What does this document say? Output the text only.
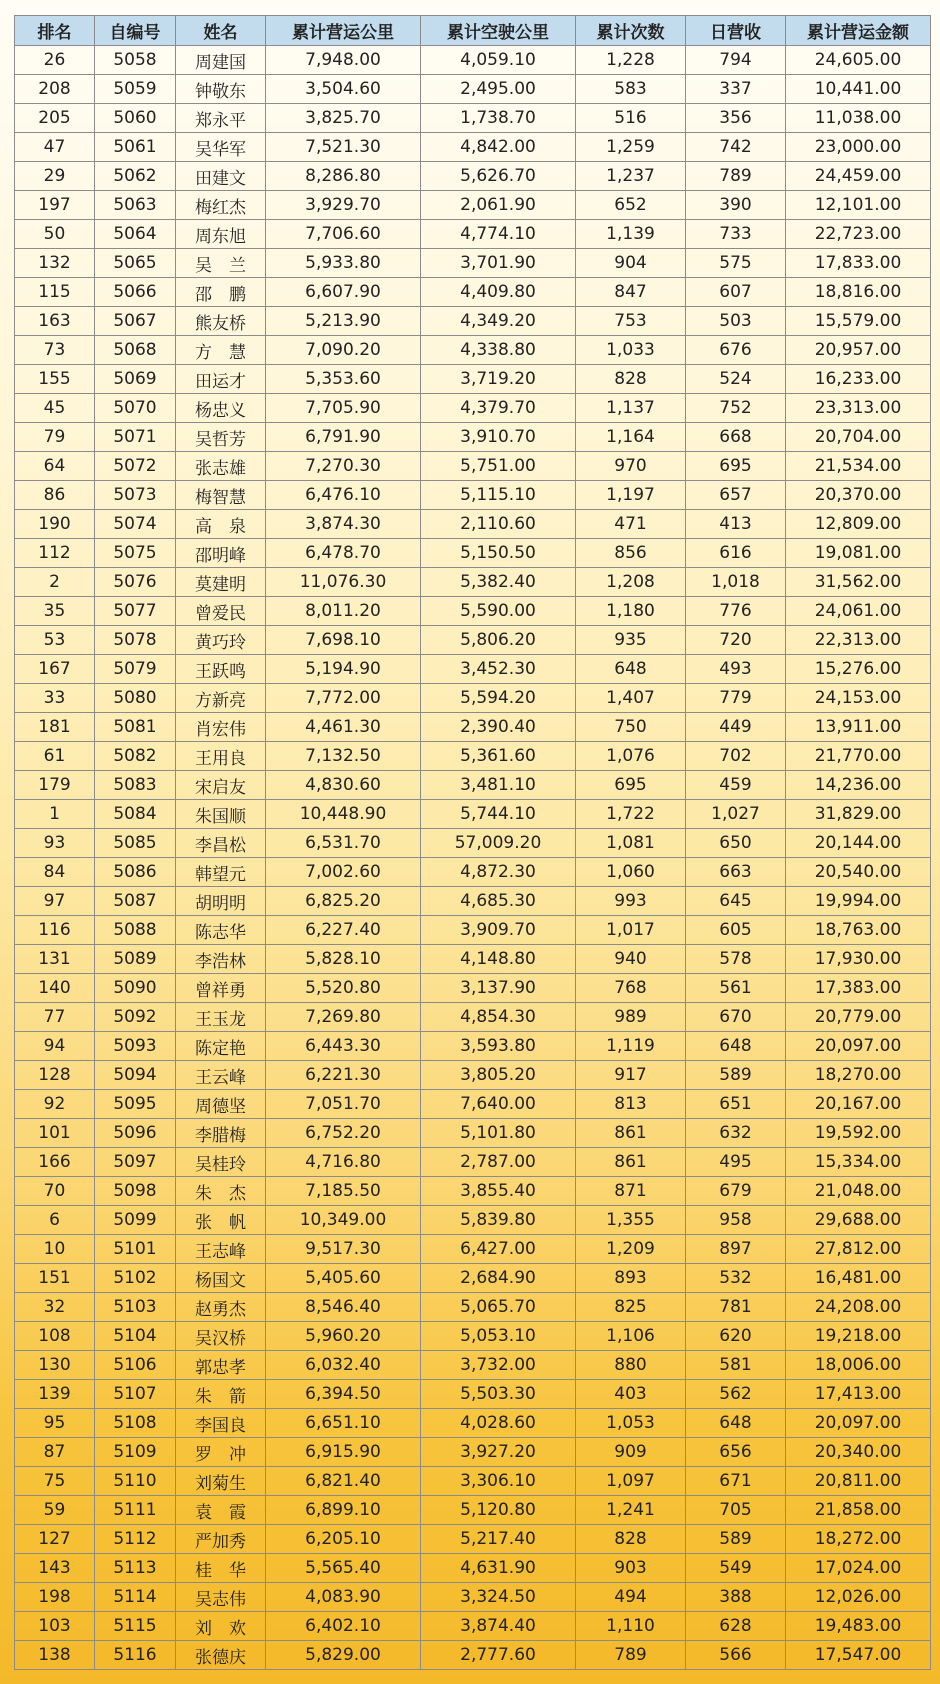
排名	自编号	姓名	累计营运公里	累计空驶公里	累计次数	日营收	累计营运金额
26	5058	周建国	7,948.00	4,059.10	1,228	794	24,605.00
208	5059	钟敬东	3,504.60	2,495.00	583	337	10,441.00
205	5060	郑永平	3,825.70	1,738.70	516	356	11,038.00
47	5061	吴华军	7,521.30	4,842.00	1,259	742	23,000.00
29	5062	田建文	8,286.80	5,626.70	1,237	789	24,459.00
197	5063	梅红杰	3,929.70	2,061.90	652	390	12,101.00
50	5064	周东旭	7,706.60	4,774.10	1,139	733	22,723.00
132	5065	吴　兰	5,933.80	3,701.90	904	575	17,833.00
115	5066	邵　鹏	6,607.90	4,409.80	847	607	18,816.00
163	5067	熊友桥	5,213.90	4,349.20	753	503	15,579.00
73	5068	方　慧	7,090.20	4,338.80	1,033	676	20,957.00
155	5069	田运才	5,353.60	3,719.20	828	524	16,233.00
45	5070	杨忠义	7,705.90	4,379.70	1,137	752	23,313.00
79	5071	吴哲芳	6,791.90	3,910.70	1,164	668	20,704.00
64	5072	张志雄	7,270.30	5,751.00	970	695	21,534.00
86	5073	梅智慧	6,476.10	5,115.10	1,197	657	20,370.00
190	5074	高　泉	3,874.30	2,110.60	471	413	12,809.00
112	5075	邵明峰	6,478.70	5,150.50	856	616	19,081.00
2	5076	莫建明	11,076.30	5,382.40	1,208	1,018	31,562.00
35	5077	曾爱民	8,011.20	5,590.00	1,180	776	24,061.00
53	5078	黄巧玲	7,698.10	5,806.20	935	720	22,313.00
167	5079	王跃鸣	5,194.90	3,452.30	648	493	15,276.00
33	5080	方新亮	7,772.00	5,594.20	1,407	779	24,153.00
181	5081	肖宏伟	4,461.30	2,390.40	750	449	13,911.00
61	5082	王用良	7,132.50	5,361.60	1,076	702	21,770.00
179	5083	宋启友	4,830.60	3,481.10	695	459	14,236.00
1	5084	朱国顺	10,448.90	5,744.10	1,722	1,027	31,829.00
93	5085	李昌松	6,531.70	57,009.20	1,081	650	20,144.00
84	5086	韩望元	7,002.60	4,872.30	1,060	663	20,540.00
97	5087	胡明明	6,825.20	4,685.30	993	645	19,994.00
116	5088	陈志华	6,227.40	3,909.70	1,017	605	18,763.00
131	5089	李浩林	5,828.10	4,148.80	940	578	17,930.00
140	5090	曾祥勇	5,520.80	3,137.90	768	561	17,383.00
77	5092	王玉龙	7,269.80	4,854.30	989	670	20,779.00
94	5093	陈定艳	6,443.30	3,593.80	1,119	648	20,097.00
128	5094	王云峰	6,221.30	3,805.20	917	589	18,270.00
92	5095	周德坚	7,051.70	7,640.00	813	651	20,167.00
101	5096	李腊梅	6,752.20	5,101.80	861	632	19,592.00
166	5097	吴桂玲	4,716.80	2,787.00	861	495	15,334.00
70	5098	朱　杰	7,185.50	3,855.40	871	679	21,048.00
6	5099	张　帆	10,349.00	5,839.80	1,355	958	29,688.00
10	5101	王志峰	9,517.30	6,427.00	1,209	897	27,812.00
151	5102	杨国文	5,405.60	2,684.90	893	532	16,481.00
32	5103	赵勇杰	8,546.40	5,065.70	825	781	24,208.00
108	5104	吴汉桥	5,960.20	5,053.10	1,106	620	19,218.00
130	5106	郭忠孝	6,032.40	3,732.00	880	581	18,006.00
139	5107	朱　箭	6,394.50	5,503.30	403	562	17,413.00
95	5108	李国良	6,651.10	4,028.60	1,053	648	20,097.00
87	5109	罗　冲	6,915.90	3,927.20	909	656	20,340.00
75	5110	刘菊生	6,821.40	3,306.10	1,097	671	20,811.00
59	5111	袁　霞	6,899.10	5,120.80	1,241	705	21,858.00
127	5112	严加秀	6,205.10	5,217.40	828	589	18,272.00
143	5113	桂　华	5,565.40	4,631.90	903	549	17,024.00
198	5114	吴志伟	4,083.90	3,324.50	494	388	12,026.00
103	5115	刘　欢	6,402.10	3,874.40	1,110	628	19,483.00
138	5116	张德庆	5,829.00	2,777.60	789	566	17,547.00
